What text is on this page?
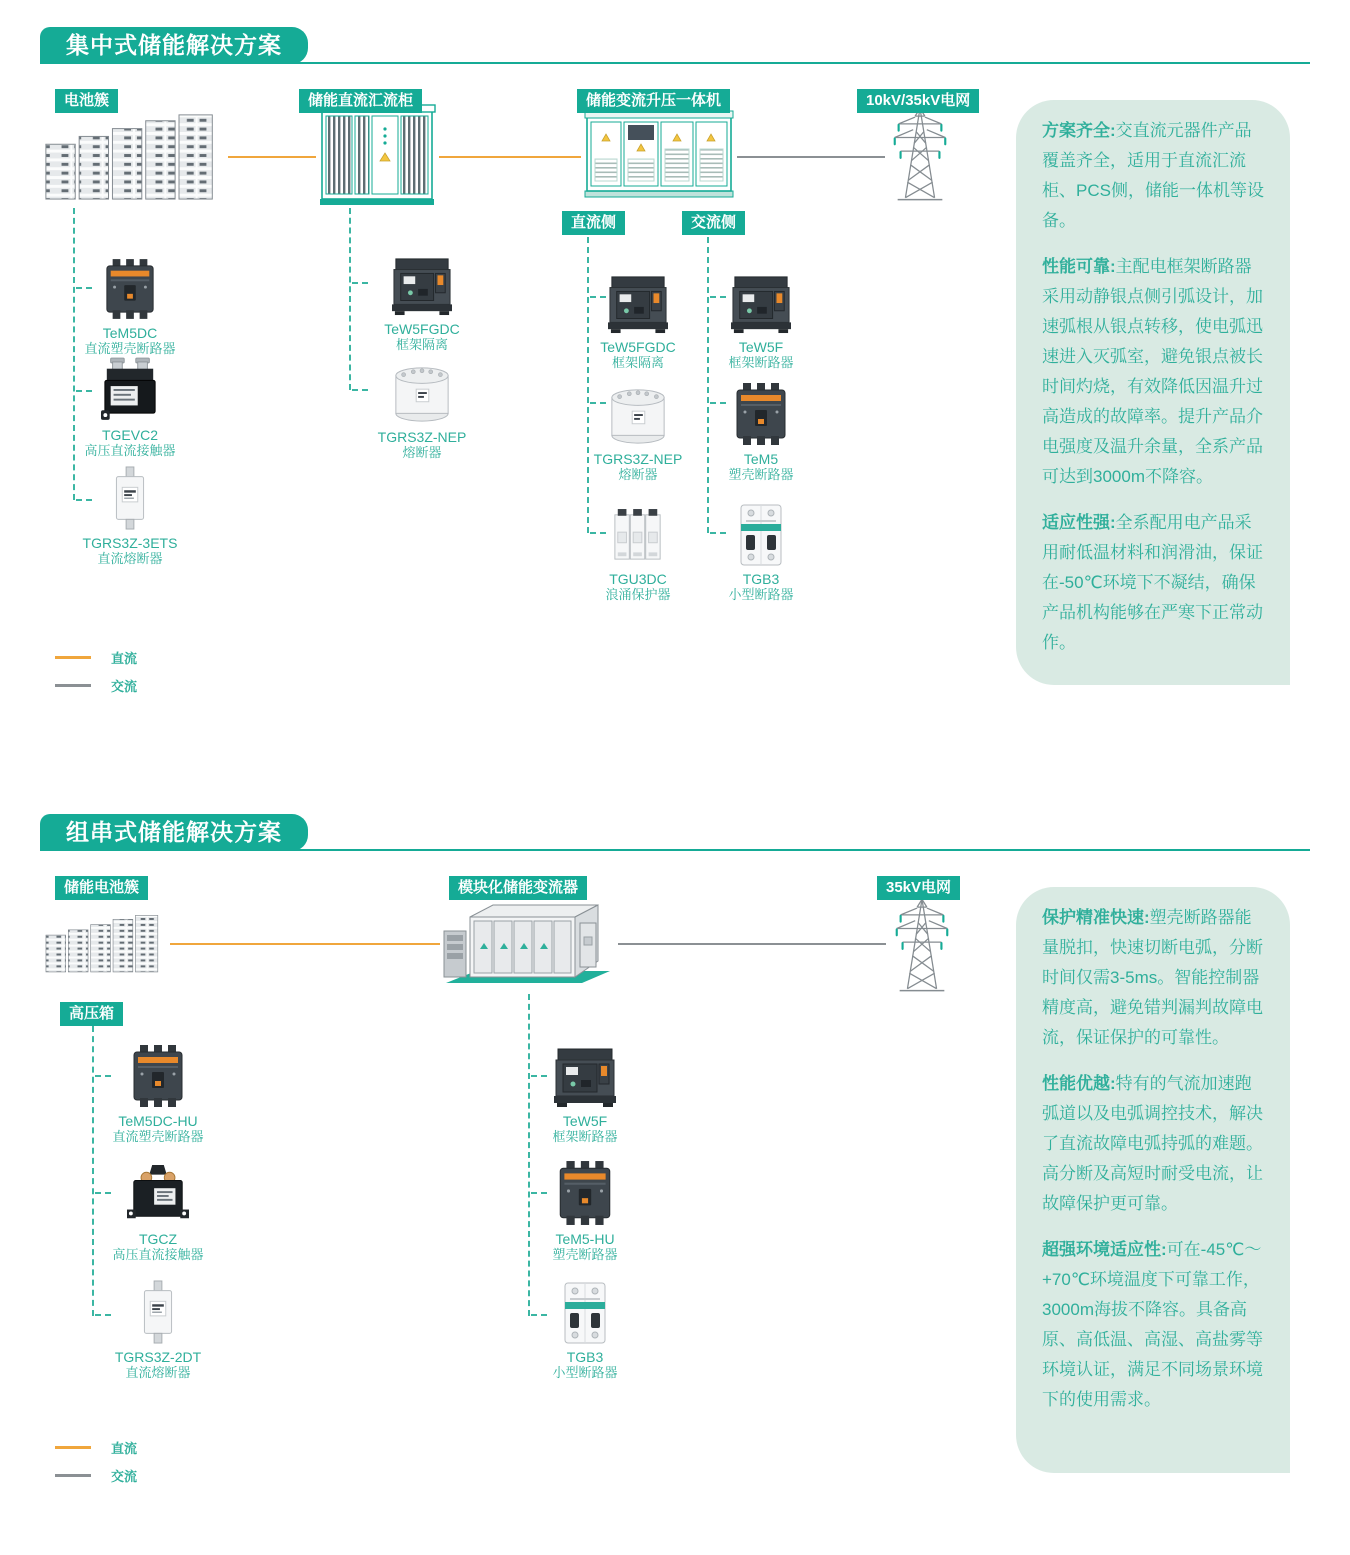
集中式储能解决方案
电池簇	储能直流汇流柜	储能变流升压一体机	10kV/35kV电网
直流侧	交流侧
TeM5DC
直流塑壳断路器
TGEVC2
高压直流接触器
TGRS3Z-3ETS
直流熔断器
TeW5FGDC
框架隔离
TGRS3Z-NEP
熔断器
TeW5FGDC
框架隔离
TGRS3Z-NEP
熔断器
TGU3DC
浪涌保护器
TeW5F
框架断路器
TeM5
塑壳断路器
TGB3
小型断路器
直流
交流

方案齐全:交直流元器件产品覆盖齐全，适用于直流汇流柜、PCS侧，储能一体机等设备。

性能可靠:主配电框架断路器采用动静银点侧引弧设计，加速弧根从银点转移，使电弧迅速进入灭弧室，避免银点被长时间灼烧，有效降低因温升过高造成的故障率。提升产品介电强度及温升余量，全系产品可达到3000m不降容。

适应性强:全系配用电产品采用耐低温材料和润滑油，保证在-50℃环境下不凝结，确保产品机构能够在严寒下正常动作。

组串式储能解决方案
储能电池簇	模块化储能变流器	35kV电网
高压箱
TeM5DC-HU
直流塑壳断路器
TGCZ
高压直流接触器
TGRS3Z-2DT
直流熔断器
TeW5F
框架断路器
TeM5-HU
塑壳断路器
TGB3
小型断路器
直流
交流

保护精准快速:塑壳断路器能量脱扣，快速切断电弧，分断时间仅需3-5ms。智能控制器精度高，避免错判漏判故障电流，保证保护的可靠性。

性能优越:特有的气流加速跑弧道以及电弧调控技术，解决了直流故障电弧持弧的难题。高分断及高短时耐受电流，让故障保护更可靠。

超强环境适应性:可在-45℃～+70℃环境温度下可靠工作，3000m海拔不降容。具备高原、高低温、高湿、高盐雾等环境认证，满足不同场景环境下的使用需求。
